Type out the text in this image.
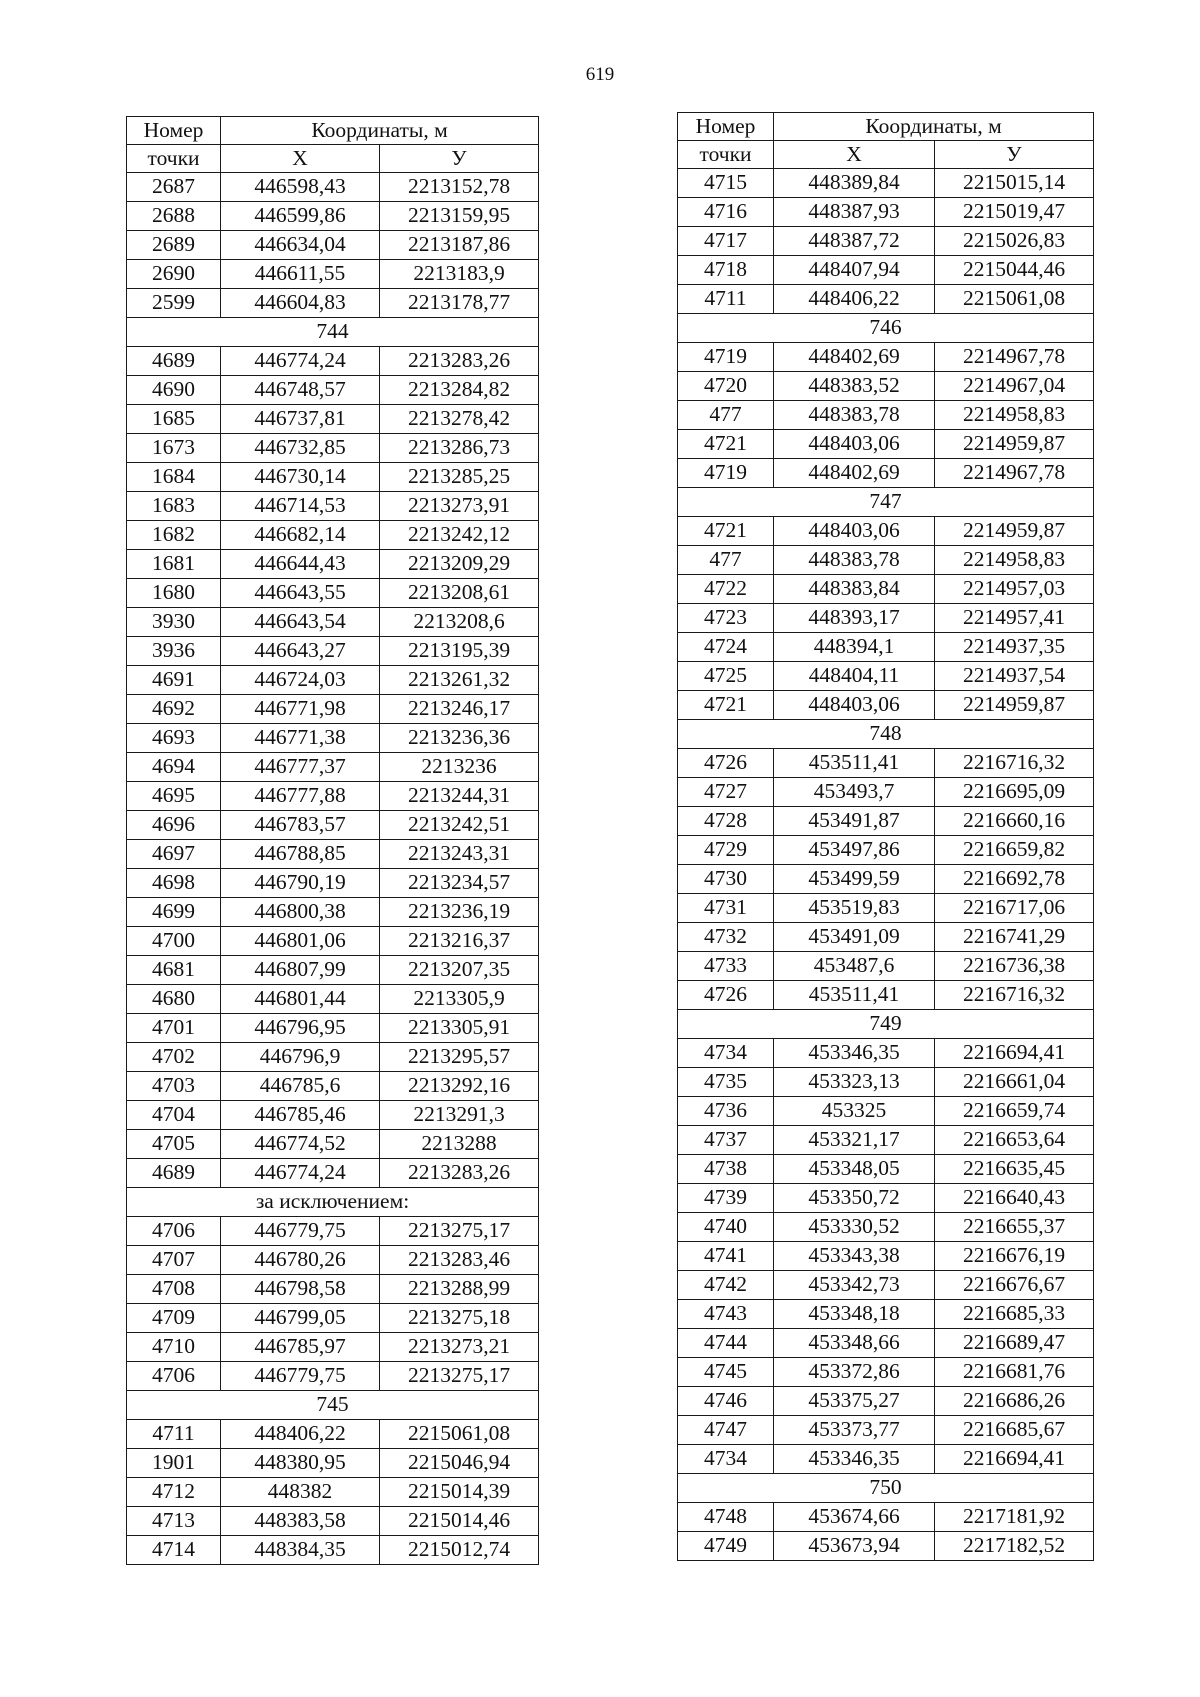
619
Номер	Координаты, м	
точки	X	У
2687	446598,43	2213152,78
2688	446599,86	2213159,95
2689	446634,04	2213187,86
2690	446611,55	2213183,9
2599	446604,83	2213178,77
744		
4689	446774,24	2213283,26
4690	446748,57	2213284,82
1685	446737,81	2213278,42
1673	446732,85	2213286,73
1684	446730,14	2213285,25
1683	446714,53	2213273,91
1682	446682,14	2213242,12
1681	446644,43	2213209,29
1680	446643,55	2213208,61
3930	446643,54	2213208,6
3936	446643,27	2213195,39
4691	446724,03	2213261,32
4692	446771,98	2213246,17
4693	446771,38	2213236,36
4694	446777,37	2213236
4695	446777,88	2213244,31
4696	446783,57	2213242,51
4697	446788,85	2213243,31
4698	446790,19	2213234,57
4699	446800,38	2213236,19
4700	446801,06	2213216,37
4681	446807,99	2213207,35
4680	446801,44	2213305,9
4701	446796,95	2213305,91
4702	446796,9	2213295,57
4703	446785,6	2213292,16
4704	446785,46	2213291,3
4705	446774,52	2213288
4689	446774,24	2213283,26
за исключением:		
4706	446779,75	2213275,17
4707	446780,26	2213283,46
4708	446798,58	2213288,99
4709	446799,05	2213275,18
4710	446785,97	2213273,21
4706	446779,75	2213275,17
745		
4711	448406,22	2215061,08
1901	448380,95	2215046,94
4712	448382	2215014,39
4713	448383,58	2215014,46
4714	448384,35	2215012,74
Номер	Координаты, м	
точки	X	У
4715	448389,84	2215015,14
4716	448387,93	2215019,47
4717	448387,72	2215026,83
4718	448407,94	2215044,46
4711	448406,22	2215061,08
746		
4719	448402,69	2214967,78
4720	448383,52	2214967,04
477	448383,78	2214958,83
4721	448403,06	2214959,87
4719	448402,69	2214967,78
747		
4721	448403,06	2214959,87
477	448383,78	2214958,83
4722	448383,84	2214957,03
4723	448393,17	2214957,41
4724	448394,1	2214937,35
4725	448404,11	2214937,54
4721	448403,06	2214959,87
748		
4726	453511,41	2216716,32
4727	453493,7	2216695,09
4728	453491,87	2216660,16
4729	453497,86	2216659,82
4730	453499,59	2216692,78
4731	453519,83	2216717,06
4732	453491,09	2216741,29
4733	453487,6	2216736,38
4726	453511,41	2216716,32
749		
4734	453346,35	2216694,41
4735	453323,13	2216661,04
4736	453325	2216659,74
4737	453321,17	2216653,64
4738	453348,05	2216635,45
4739	453350,72	2216640,43
4740	453330,52	2216655,37
4741	453343,38	2216676,19
4742	453342,73	2216676,67
4743	453348,18	2216685,33
4744	453348,66	2216689,47
4745	453372,86	2216681,76
4746	453375,27	2216686,26
4747	453373,77	2216685,67
4734	453346,35	2216694,41
750		
4748	453674,66	2217181,92
4749	453673,94	2217182,52
